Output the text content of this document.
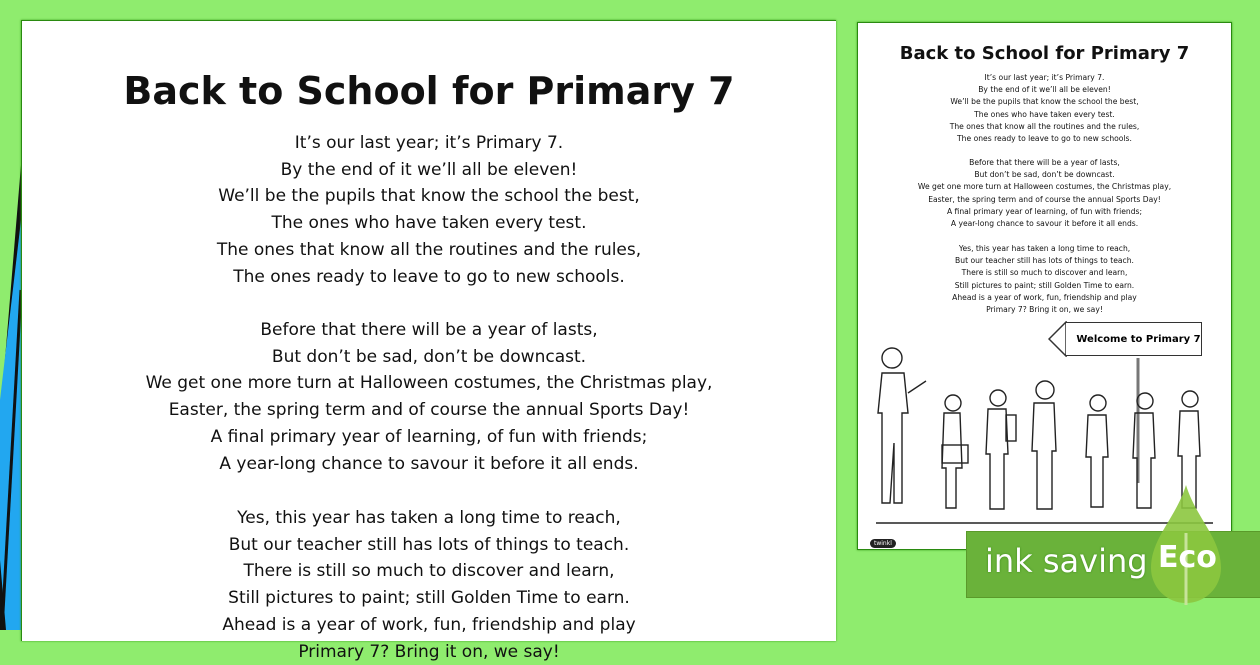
Back to School for Primary 7
It’s our last year; it’s Primary 7.
By the end of it we’ll all be eleven!
We’ll be the pupils that know the school the best,
The ones who have taken every test.
The ones that know all the routines and the rules,
The ones ready to leave to go to new schools.
Before that there will be a year of lasts,
But don’t be sad, don’t be downcast.
We get one more turn at Halloween costumes, the Christmas play,
Easter, the spring term and of course the annual Sports Day!
A final primary year of learning, of fun with friends;
A year-long chance to savour it before it all ends.
Yes, this year has taken a long time to reach,
But our teacher still has lots of things to teach.
There is still so much to discover and learn,
Still pictures to paint; still Golden Time to earn.
Ahead is a year of work, fun, friendship and play
Primary 7? Bring it on, we say!
Back to School for Primary 7
It’s our last year; it’s Primary 7.
By the end of it we’ll all be eleven!
We’ll be the pupils that know the school the best,
The ones who have taken every test.
The ones that know all the routines and the rules,
The ones ready to leave to go to new schools.
Before that there will be a year of lasts,
But don’t be sad, don’t be downcast.
We get one more turn at Halloween costumes, the Christmas play,
Easter, the spring term and of course the annual Sports Day!
A final primary year of learning, of fun with friends;
A year-long chance to savour it before it all ends.
Yes, this year has taken a long time to reach,
But our teacher still has lots of things to teach.
There is still so much to discover and learn,
Still pictures to paint; still Golden Time to earn.
Ahead is a year of work, fun, friendship and play
Primary 7? Bring it on, we say!
Welcome to Primary 7
twinkl	ink saving Eco
